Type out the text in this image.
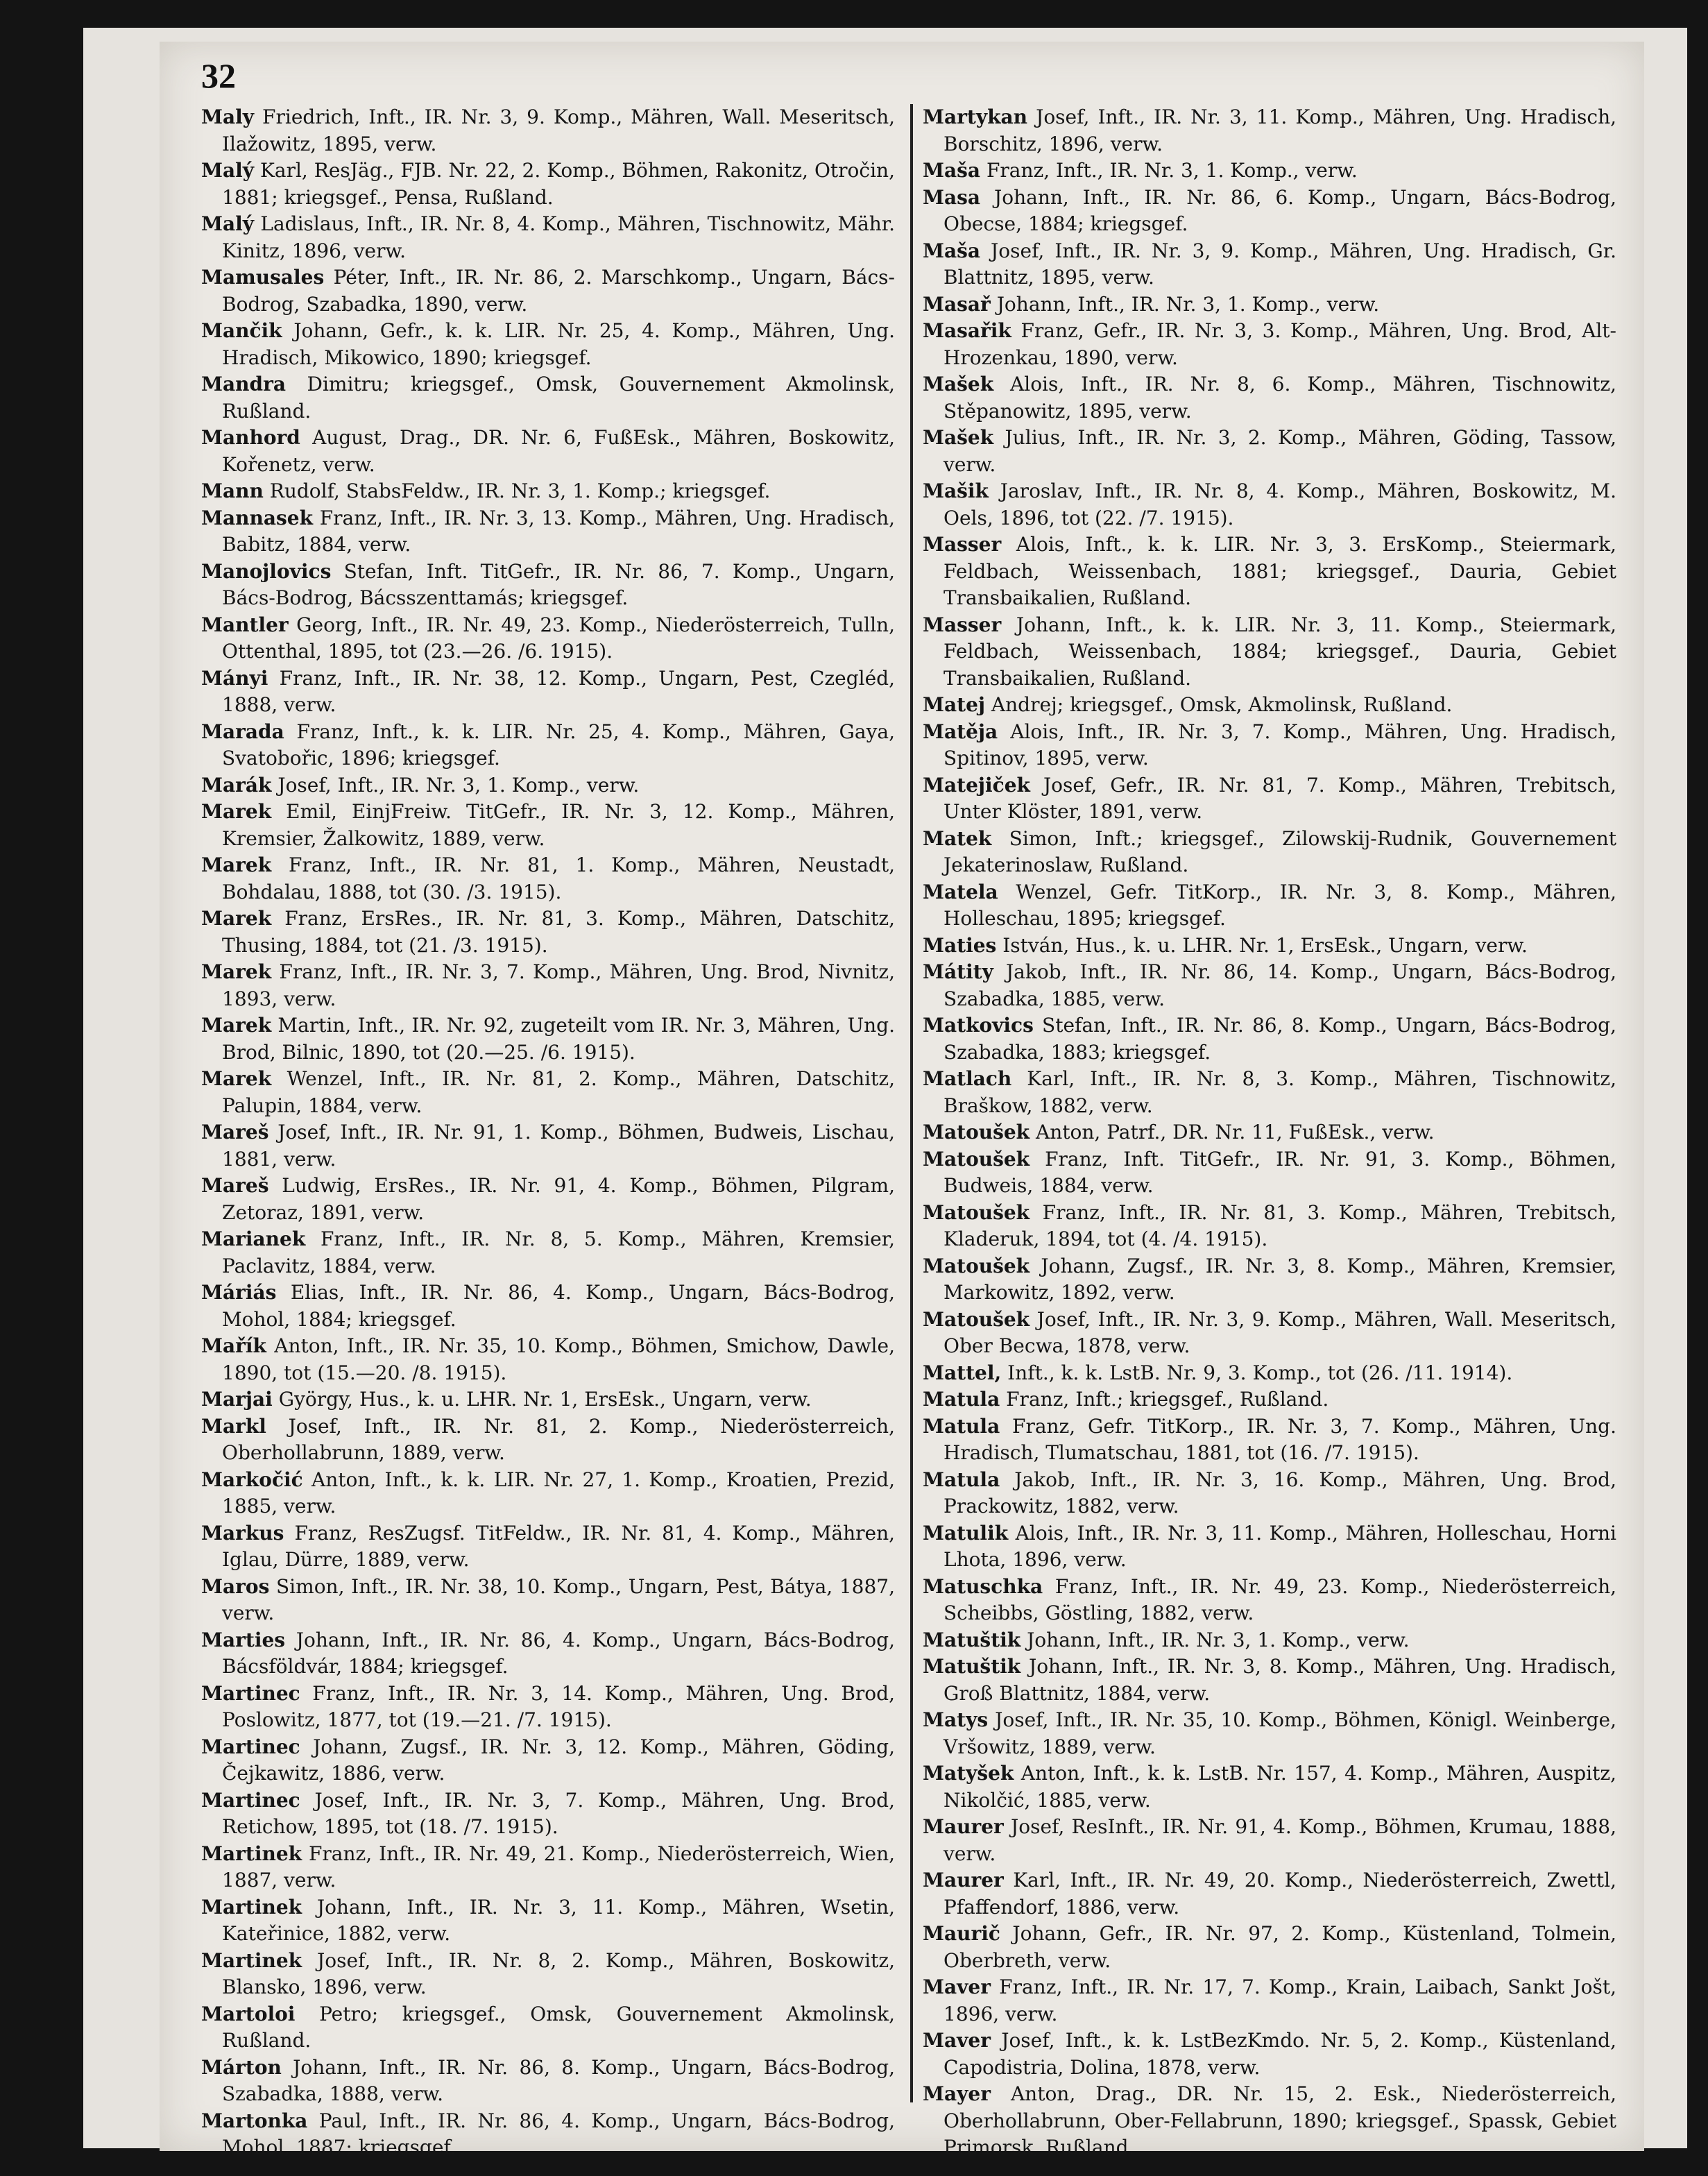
32

Maly Friedrich, Inft., IR. Nr. 3, 9. Komp., Mähren, Wall. Meseritsch, Ilažowitz, 1895, verw.

Malý Karl, ResJäg., FJB. Nr. 22, 2. Komp., Böhmen, Rakonitz, Otročin, 1881; kriegsgef., Pensa, Rußland.

Malý Ladislaus, Inft., IR. Nr. 8, 4. Komp., Mähren, Tischnowitz, Mähr. Kinitz, 1896, verw.

Mamusales Péter, Inft., IR. Nr. 86, 2. Marschkomp., Ungarn, Bács-Bodrog, Szabadka, 1890, verw.

Mančik Johann, Gefr., k. k. LIR. Nr. 25, 4. Komp., Mähren, Ung. Hradisch, Mikowico, 1890; kriegsgef.

Mandra Dimitru; kriegsgef., Omsk, Gouvernement Akmolinsk, Rußland.

Manhord August, Drag., DR. Nr. 6, FußEsk., Mähren, Boskowitz, Kořenetz, verw.

Mann Rudolf, StabsFeldw., IR. Nr. 3, 1. Komp.; kriegsgef.

Mannasek Franz, Inft., IR. Nr. 3, 13. Komp., Mähren, Ung. Hradisch, Babitz, 1884, verw.

Manojlovics Stefan, Inft. TitGefr., IR. Nr. 86, 7. Komp., Ungarn, Bács-Bodrog, Bácsszenttamás; kriegsgef.

Mantler Georg, Inft., IR. Nr. 49, 23. Komp., Niederösterreich, Tulln, Ottenthal, 1895, tot (23.—26. /6. 1915).

Mányi Franz, Inft., IR. Nr. 38, 12. Komp., Ungarn, Pest, Czegléd, 1888, verw.

Marada Franz, Inft., k. k. LIR. Nr. 25, 4. Komp., Mähren, Gaya, Svatobořic, 1896; kriegsgef.

Marák Josef, Inft., IR. Nr. 3, 1. Komp., verw.

Marek Emil, EinjFreiw. TitGefr., IR. Nr. 3, 12. Komp., Mähren, Kremsier, Žalkowitz, 1889, verw.

Marek Franz, Inft., IR. Nr. 81, 1. Komp., Mähren, Neustadt, Bohdalau, 1888, tot (30. /3. 1915).

Marek Franz, ErsRes., IR. Nr. 81, 3. Komp., Mähren, Datschitz, Thusing, 1884, tot (21. /3. 1915).

Marek Franz, Inft., IR. Nr. 3, 7. Komp., Mähren, Ung. Brod, Nivnitz, 1893, verw.

Marek Martin, Inft., IR. Nr. 92, zugeteilt vom IR. Nr. 3, Mähren, Ung. Brod, Bilnic, 1890, tot (20.—25. /6. 1915).

Marek Wenzel, Inft., IR. Nr. 81, 2. Komp., Mähren, Datschitz, Palupin, 1884, verw.

Mareš Josef, Inft., IR. Nr. 91, 1. Komp., Böhmen, Budweis, Lischau, 1881, verw.

Mareš Ludwig, ErsRes., IR. Nr. 91, 4. Komp., Böhmen, Pilgram, Zetoraz, 1891, verw.

Marianek Franz, Inft., IR. Nr. 8, 5. Komp., Mähren, Kremsier, Paclavitz, 1884, verw.

Máriás Elias, Inft., IR. Nr. 86, 4. Komp., Ungarn, Bács-Bodrog, Mohol, 1884; kriegsgef.

Mařík Anton, Inft., IR. Nr. 35, 10. Komp., Böhmen, Smichow, Dawle, 1890, tot (15.—20. /8. 1915).

Marjai György, Hus., k. u. LHR. Nr. 1, ErsEsk., Ungarn, verw.

Markl Josef, Inft., IR. Nr. 81, 2. Komp., Niederösterreich, Oberhollabrunn, 1889, verw.

Markočić Anton, Inft., k. k. LIR. Nr. 27, 1. Komp., Kroatien, Prezid, 1885, verw.

Markus Franz, ResZugsf. TitFeldw., IR. Nr. 81, 4. Komp., Mähren, Iglau, Dürre, 1889, verw.

Maros Simon, Inft., IR. Nr. 38, 10. Komp., Ungarn, Pest, Bátya, 1887, verw.

Marties Johann, Inft., IR. Nr. 86, 4. Komp., Ungarn, Bács-Bodrog, Bácsföldvár, 1884; kriegsgef.

Martinec Franz, Inft., IR. Nr. 3, 14. Komp., Mähren, Ung. Brod, Poslowitz, 1877, tot (19.—21. /7. 1915).

Martinec Johann, Zugsf., IR. Nr. 3, 12. Komp., Mähren, Göding, Čejkawitz, 1886, verw.

Martinec Josef, Inft., IR. Nr. 3, 7. Komp., Mähren, Ung. Brod, Retichow, 1895, tot (18. /7. 1915).

Martinek Franz, Inft., IR. Nr. 49, 21. Komp., Niederösterreich, Wien, 1887, verw.

Martinek Johann, Inft., IR. Nr. 3, 11. Komp., Mähren, Wsetin, Kateřinice, 1882, verw.

Martinek Josef, Inft., IR. Nr. 8, 2. Komp., Mähren, Boskowitz, Blansko, 1896, verw.

Martoloi Petro; kriegsgef., Omsk, Gouvernement Akmolinsk, Rußland.

Márton Johann, Inft., IR. Nr. 86, 8. Komp., Ungarn, Bács-Bodrog, Szabadka, 1888, verw.

Martonka Paul, Inft., IR. Nr. 86, 4. Komp., Ungarn, Bács-Bodrog, Mohol, 1887; kriegsgef.

Martykan Josef, Inft., IR. Nr. 3, 11. Komp., Mähren, Ung. Hradisch, Borschitz, 1896, verw.

Maša Franz, Inft., IR. Nr. 3, 1. Komp., verw.

Masa Johann, Inft., IR. Nr. 86, 6. Komp., Ungarn, Bács-Bodrog, Obecse, 1884; kriegsgef.

Maša Josef, Inft., IR. Nr. 3, 9. Komp., Mähren, Ung. Hradisch, Gr. Blattnitz, 1895, verw.

Masař Johann, Inft., IR. Nr. 3, 1. Komp., verw.

Masařik Franz, Gefr., IR. Nr. 3, 3. Komp., Mähren, Ung. Brod, Alt-Hrozenkau, 1890, verw.

Mašek Alois, Inft., IR. Nr. 8, 6. Komp., Mähren, Tischnowitz, Stěpanowitz, 1895, verw.

Mašek Julius, Inft., IR. Nr. 3, 2. Komp., Mähren, Göding, Tassow, verw.

Mašik Jaroslav, Inft., IR. Nr. 8, 4. Komp., Mähren, Boskowitz, M. Oels, 1896, tot (22. /7. 1915).

Masser Alois, Inft., k. k. LIR. Nr. 3, 3. ErsKomp., Steiermark, Feldbach, Weissenbach, 1881; kriegsgef., Dauria, Gebiet Transbaikalien, Rußland.

Masser Johann, Inft., k. k. LIR. Nr. 3, 11. Komp., Steiermark, Feldbach, Weissenbach, 1884; kriegsgef., Dauria, Gebiet Transbaikalien, Rußland.

Matej Andrej; kriegsgef., Omsk, Akmolinsk, Rußland.

Matěja Alois, Inft., IR. Nr. 3, 7. Komp., Mähren, Ung. Hradisch, Spitinov, 1895, verw.

Matejiček Josef, Gefr., IR. Nr. 81, 7. Komp., Mähren, Trebitsch, Unter Klöster, 1891, verw.

Matek Simon, Inft.; kriegsgef., Zilowskij-Rudnik, Gouvernement Jekaterinoslaw, Rußland.

Matela Wenzel, Gefr. TitKorp., IR. Nr. 3, 8. Komp., Mähren, Holleschau, 1895; kriegsgef.

Maties István, Hus., k. u. LHR. Nr. 1, ErsEsk., Ungarn, verw.

Mátity Jakob, Inft., IR. Nr. 86, 14. Komp., Ungarn, Bács-Bodrog, Szabadka, 1885, verw.

Matkovics Stefan, Inft., IR. Nr. 86, 8. Komp., Ungarn, Bács-Bodrog, Szabadka, 1883; kriegsgef.

Matlach Karl, Inft., IR. Nr. 8, 3. Komp., Mähren, Tischnowitz, Braškow, 1882, verw.

Matoušek Anton, Patrf., DR. Nr. 11, FußEsk., verw.

Matoušek Franz, Inft. TitGefr., IR. Nr. 91, 3. Komp., Böhmen, Budweis, 1884, verw.

Matoušek Franz, Inft., IR. Nr. 81, 3. Komp., Mähren, Trebitsch, Kladeruk, 1894, tot (4. /4. 1915).

Matoušek Johann, Zugsf., IR. Nr. 3, 8. Komp., Mähren, Kremsier, Markowitz, 1892, verw.

Matoušek Josef, Inft., IR. Nr. 3, 9. Komp., Mähren, Wall. Meseritsch, Ober Becwa, 1878, verw.

Mattel, Inft., k. k. LstB. Nr. 9, 3. Komp., tot (26. /11. 1914).

Matula Franz, Inft.; kriegsgef., Rußland.

Matula Franz, Gefr. TitKorp., IR. Nr. 3, 7. Komp., Mähren, Ung. Hradisch, Tlumatschau, 1881, tot (16. /7. 1915).

Matula Jakob, Inft., IR. Nr. 3, 16. Komp., Mähren, Ung. Brod, Prackowitz, 1882, verw.

Matulik Alois, Inft., IR. Nr. 3, 11. Komp., Mähren, Holleschau, Horni Lhota, 1896, verw.

Matuschka Franz, Inft., IR. Nr. 49, 23. Komp., Niederösterreich, Scheibbs, Göstling, 1882, verw.

Matuštik Johann, Inft., IR. Nr. 3, 1. Komp., verw.

Matuštik Johann, Inft., IR. Nr. 3, 8. Komp., Mähren, Ung. Hradisch, Groß Blattnitz, 1884, verw.

Matys Josef, Inft., IR. Nr. 35, 10. Komp., Böhmen, Königl. Weinberge, Vršowitz, 1889, verw.

Matyšek Anton, Inft., k. k. LstB. Nr. 157, 4. Komp., Mähren, Auspitz, Nikolčić, 1885, verw.

Maurer Josef, ResInft., IR. Nr. 91, 4. Komp., Böhmen, Krumau, 1888, verw.

Maurer Karl, Inft., IR. Nr. 49, 20. Komp., Niederösterreich, Zwettl, Pfaffendorf, 1886, verw.

Maurič Johann, Gefr., IR. Nr. 97, 2. Komp., Küstenland, Tolmein, Oberbreth, verw.

Maver Franz, Inft., IR. Nr. 17, 7. Komp., Krain, Laibach, Sankt Jošt, 1896, verw.

Maver Josef, Inft., k. k. LstBezKmdo. Nr. 5, 2. Komp., Küstenland, Capodistria, Dolina, 1878, verw.

Mayer Anton, Drag., DR. Nr. 15, 2. Esk., Niederösterreich, Oberhollabrunn, Ober-Fellabrunn, 1890; kriegsgef., Spassk, Gebiet Primorsk, Rußland.
